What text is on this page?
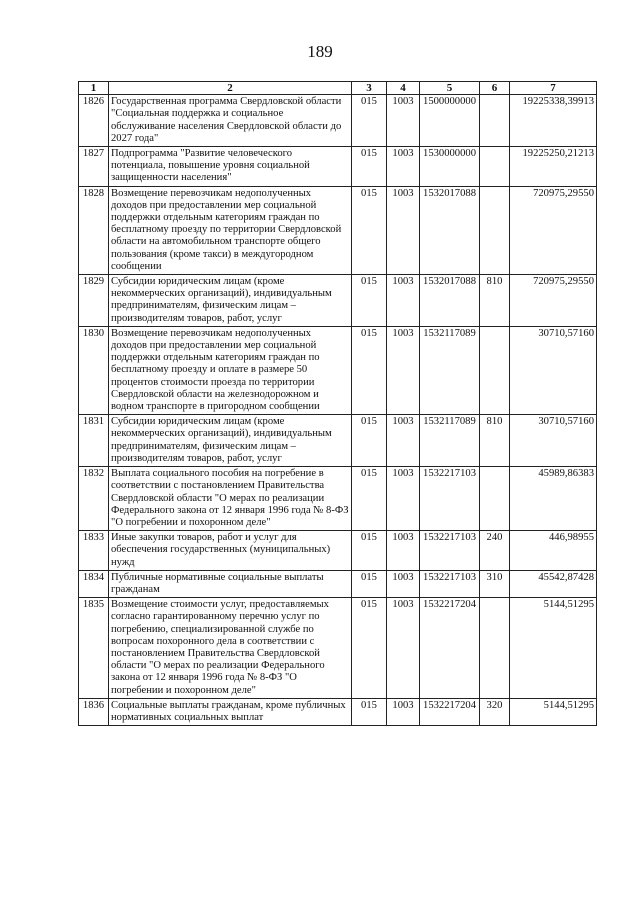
189
1	2	3	4	5	6	7
1826	Государственная программа Свердловской области "Социальная поддержка и социальное обслуживание населения Свердловской области до 2027 года"	015	1003	1500000000		19225338,39913
1827	Подпрограмма "Развитие человеческого потенциала, повышение уровня социальной защищенности населения"	015	1003	1530000000		19225250,21213
1828	Возмещение перевозчикам недополученных доходов при предоставлении мер социальной поддержки отдельным категориям граждан по бесплатному проезду по территории Свердловской области на автомобильном транспорте общего пользования (кроме такси) в междугородном сообщении	015	1003	1532017088		720975,29550
1829	Субсидии юридическим лицам (кроме некоммерческих организаций), индивидуальным предпринимателям, физическим лицам – производителям товаров, работ, услуг	015	1003	1532017088	810	720975,29550
1830	Возмещение перевозчикам недополученных доходов при предоставлении мер социальной поддержки отдельным категориям граждан по бесплатному проезду и оплате в размере 50 процентов стоимости проезда по территории Свердловской области на железнодорожном и водном транспорте в пригородном сообщении	015	1003	1532117089		30710,57160
1831	Субсидии юридическим лицам (кроме некоммерческих организаций), индивидуальным предпринимателям, физическим лицам – производителям товаров, работ, услуг	015	1003	1532117089	810	30710,57160
1832	Выплата социального пособия на погребение в соответствии с постановлением Правительства Свердловской области "О мерах по реализации Федерального закона от 12 января 1996 года № 8-ФЗ "О погребении и похоронном деле"	015	1003	1532217103		45989,86383
1833	Иные закупки товаров, работ и услуг для обеспечения государственных (муниципальных) нужд	015	1003	1532217103	240	446,98955
1834	Публичные нормативные социальные выплаты гражданам	015	1003	1532217103	310	45542,87428
1835	Возмещение стоимости услуг, предоставляемых согласно гарантированному перечню услуг по погребению, специализированной службе по вопросам похоронного дела в соответствии с постановлением Правительства Свердловской области "О мерах по реализации Федерального закона от 12 января 1996 года № 8-ФЗ "О погребении и похоронном деле"	015	1003	1532217204		5144,51295
1836	Социальные выплаты гражданам, кроме публичных нормативных социальных выплат	015	1003	1532217204	320	5144,51295
